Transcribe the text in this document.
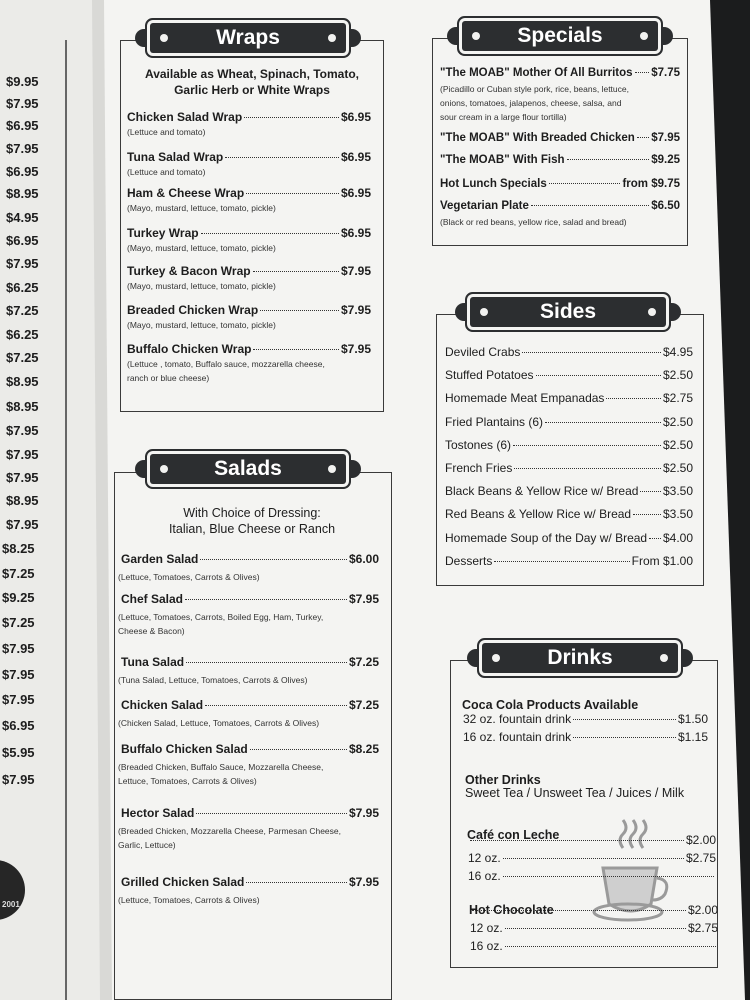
$9.95
$7.95
$6.95
$7.95
$6.95
$8.95
$4.95
$6.95
$7.95
$6.25
$7.25
$6.25
$7.25
$8.95
$8.95
$7.95
$7.95
$7.95
$8.95
$7.95
$8.25
$7.25
$9.25
$7.25
$7.95
$7.95
$7.95
$6.95
$5.95
$7.95
Wraps
Available as Wheat, Spinach, Tomato,
Garlic Herb or White Wraps
Chicken Salad Wrap	$6.95
(Lettuce and tomato)
Tuna Salad Wrap	$6.95
(Lettuce and tomato)
Ham & Cheese Wrap	$6.95
(Mayo, mustard, lettuce, tomato, pickle)
Turkey Wrap	$6.95
(Mayo, mustard, lettuce, tomato, pickle)
Turkey & Bacon Wrap	$7.95
(Mayo, mustard, lettuce, tomato, pickle)
Breaded Chicken Wrap	$7.95
(Mayo, mustard, lettuce, tomato, pickle)
Buffalo Chicken Wrap	$7.95
(Lettuce , tomato, Buffalo sauce, mozzarella cheese,
ranch or blue cheese)
Salads
With Choice of Dressing:
Italian, Blue Cheese or Ranch
Garden Salad	$6.00
(Lettuce, Tomatoes, Carrots & Olives)
Chef Salad	$7.95
(Lettuce, Tomatoes, Carrots, Boiled Egg, Ham, Turkey,
Cheese & Bacon)
Tuna Salad	$7.25
(Tuna Salad, Lettuce, Tomatoes, Carrots & Olives)
Chicken Salad	$7.25
(Chicken Salad, Lettuce, Tomatoes, Carrots & Olives)
Buffalo Chicken Salad	$8.25
(Breaded Chicken, Buffalo Sauce, Mozzarella Cheese,
Lettuce, Tomatoes, Carrots & Olives)
Hector Salad	$7.95
(Breaded Chicken, Mozzarella Cheese, Parmesan Cheese,
Garlic, Lettuce)
Grilled Chicken Salad	$7.95
(Lettuce, Tomatoes, Carrots & Olives)
Specials
"The MOAB" Mother Of All Burritos $7.75
(Picadillo or Cuban style pork, rice, beans, lettuce,
onions, tomatoes, jalapenos, cheese, salsa, and
sour cream in a large flour tortilla)
"The MOAB" With Breaded Chicken $7.95
"The MOAB" With Fish	$9.25
Hot Lunch Specials	from $9.75
Vegetarian Plate	$6.50
(Black or red beans, yellow rice, salad and bread)
Sides
Deviled Crabs	$4.95
Stuffed Potatoes	$2.50
Homemade Meat Empanadas	$2.75
Fried Plantains (6)	$2.50
Tostones (6)	$2.50
French Fries	$2.50
Black Beans & Yellow Rice w/ Bread $3.50
Red Beans & Yellow Rice w/ Bread	$3.50
Homemade Soup of the Day w/ Bread $4.00
Desserts	From $1.00
Drinks
Coca Cola Products Available
32 oz. fountain drink	$1.50
16 oz. fountain drink	$1.15
Other Drinks
Sweet Tea / Unsweet Tea / Juices / Milk
Café con Leche	$2.00
12 oz.	$2.75
16 oz.
Hot Chocolate	$2.00
12 oz.	$2.75
16 oz.
2001
